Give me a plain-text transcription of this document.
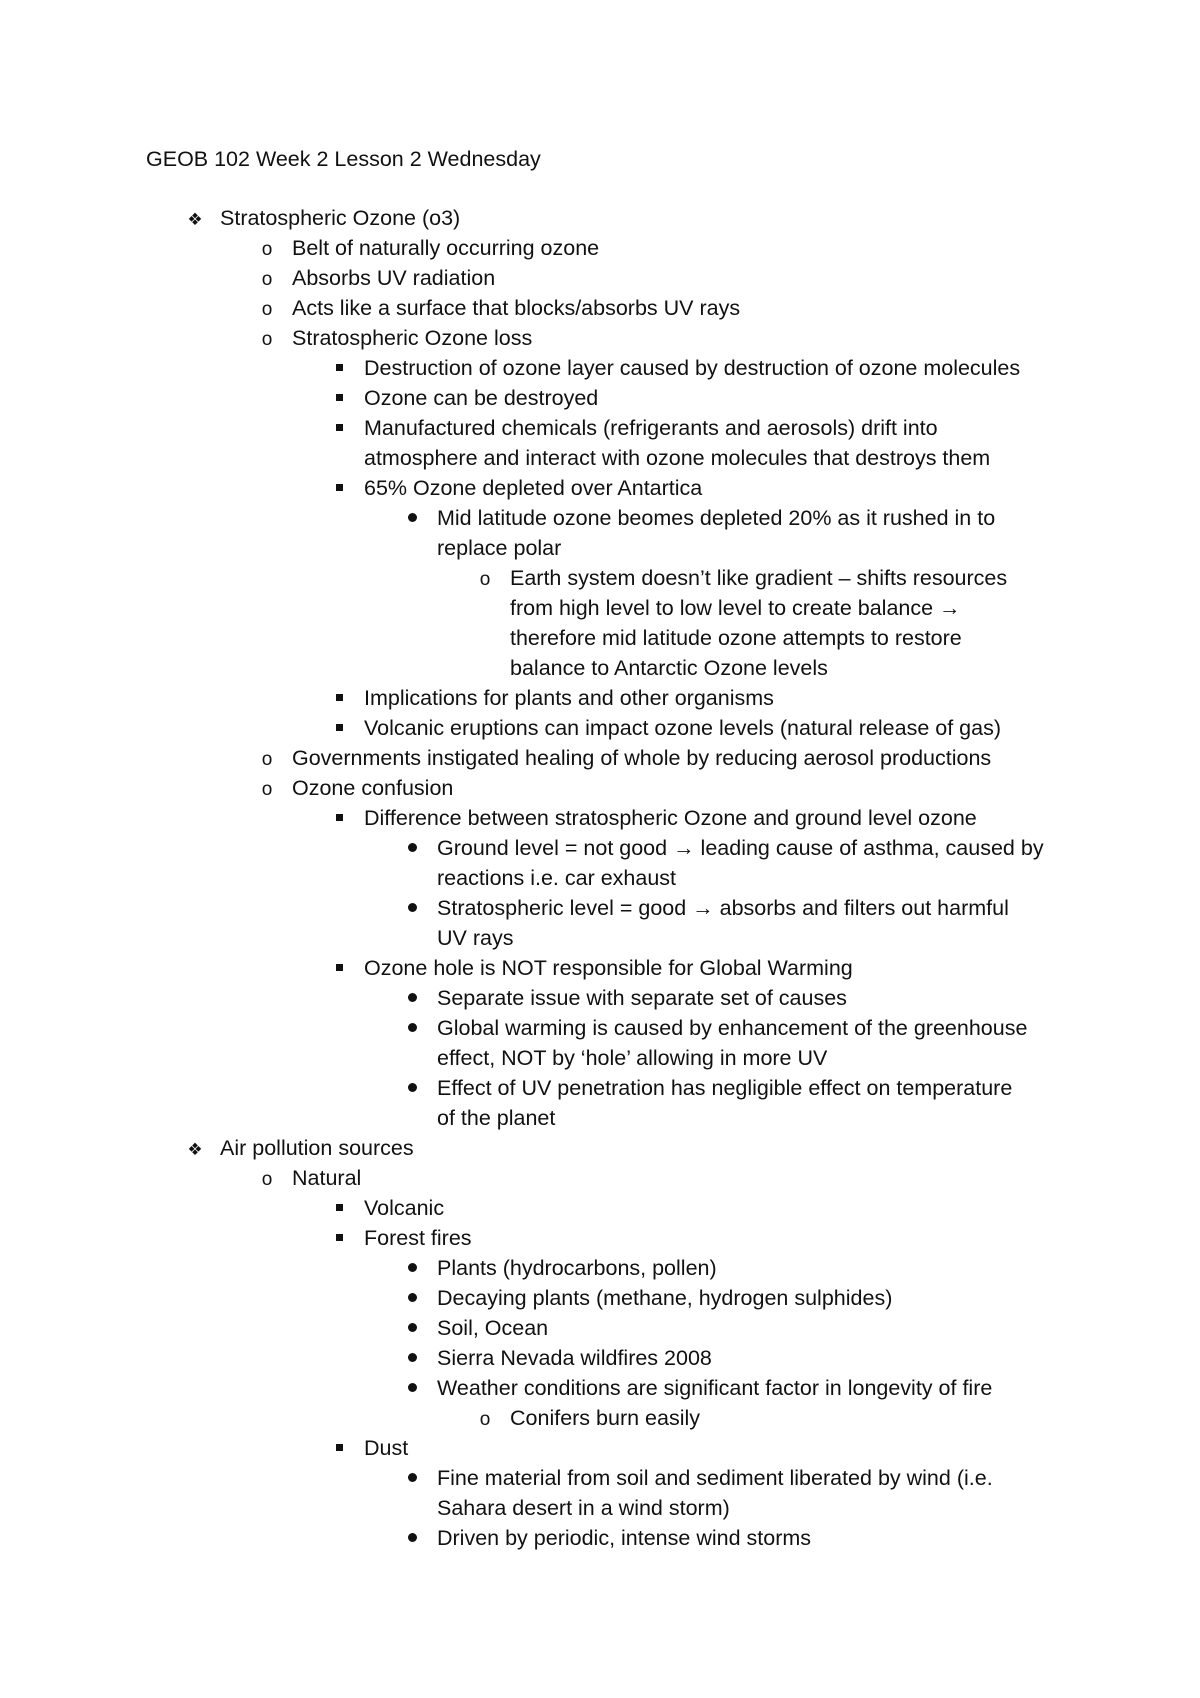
GEOB 102 Week 2 Lesson 2 Wednesday
❖
Stratospheric Ozone (o3)
o
Belt of naturally occurring ozone
o
Absorbs UV radiation
o
Acts like a surface that blocks/absorbs UV rays
o
Stratospheric Ozone loss
Destruction of ozone layer caused by destruction of ozone molecules
Ozone can be destroyed
Manufactured chemicals (refrigerants and aerosols) drift into
atmosphere and interact with ozone molecules that destroys them
65% Ozone depleted over Antartica
Mid latitude ozone beomes depleted 20% as it rushed in to
replace polar
o
Earth system doesn’t like gradient – shifts resources
from high level to low level to create balance →
therefore mid latitude ozone attempts to restore
balance to Antarctic Ozone levels
Implications for plants and other organisms
Volcanic eruptions can impact ozone levels (natural release of gas)
o
Governments instigated healing of whole by reducing aerosol productions
o
Ozone confusion
Difference between stratospheric Ozone and ground level ozone
Ground level = not good → leading cause of asthma, caused by
reactions i.e. car exhaust
Stratospheric level = good → absorbs and filters out harmful
UV rays
Ozone hole is NOT responsible for Global Warming
Separate issue with separate set of causes
Global warming is caused by enhancement of the greenhouse
effect, NOT by ‘hole’ allowing in more UV
Effect of UV penetration has negligible effect on temperature
of the planet
❖
Air pollution sources
o
Natural
Volcanic
Forest fires
Plants (hydrocarbons, pollen)
Decaying plants (methane, hydrogen sulphides)
Soil, Ocean
Sierra Nevada wildfires 2008
Weather conditions are significant factor in longevity of fire
o
Conifers burn easily
Dust
Fine material from soil and sediment liberated by wind (i.e.
Sahara desert in a wind storm)
Driven by periodic, intense wind storms
